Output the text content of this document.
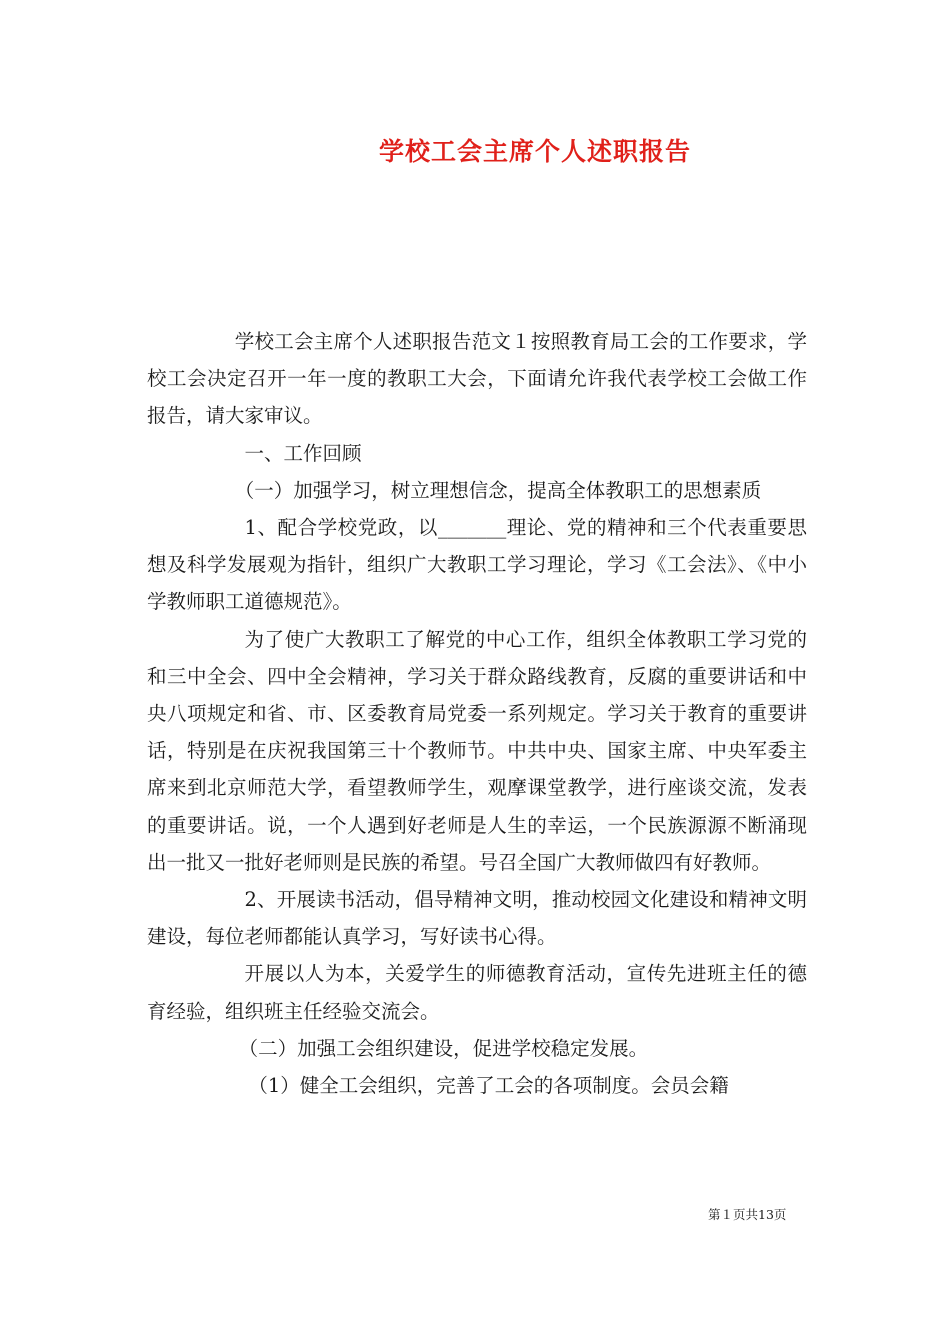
学校工会主席个人述职报告

学校工会主席个人述职报告范文１按照教育局工会的工作要求，学校工会决定召开一年一度的教职工大会，下面请允许我代表学校工会做工作报告，请大家审议。

一、工作回顾

（一）加强学习，树立理想信念，提高全体教职工的思想素质

1、配合学校党政，以_______理论、党的精神和三个代表重要思想及科学发展观为指针，组织广大教职工学习理论，学习《工会法》、《中小学教师职工道德规范》。

为了使广大教职工了解党的中心工作，组织全体教职工学习党的和三中全会、四中全会精神，学习关于群众路线教育，反腐的重要讲话和中央八项规定和省、市、区委教育局党委一系列规定。学习关于教育的重要讲话，特别是在庆祝我国第三十个教师节。中共中央、国家主席、中央军委主席来到北京师范大学，看望教师学生，观摩课堂教学，进行座谈交流，发表的重要讲话。说，一个人遇到好老师是人生的幸运，一个民族源源不断涌现出一批又一批好老师则是民族的希望。号召全国广大教师做四有好教师。

2、开展读书活动，倡导精神文明，推动校园文化建设和精神文明建设，每位老师都能认真学习，写好读书心得。

开展以人为本，关爱学生的师德教育活动，宣传先进班主任的德育经验，组织班主任经验交流会。

（二）加强工会组织建设，促进学校稳定发展。

（1）健全工会组织，完善了工会的各项制度。会员会籍

第１页共13页
